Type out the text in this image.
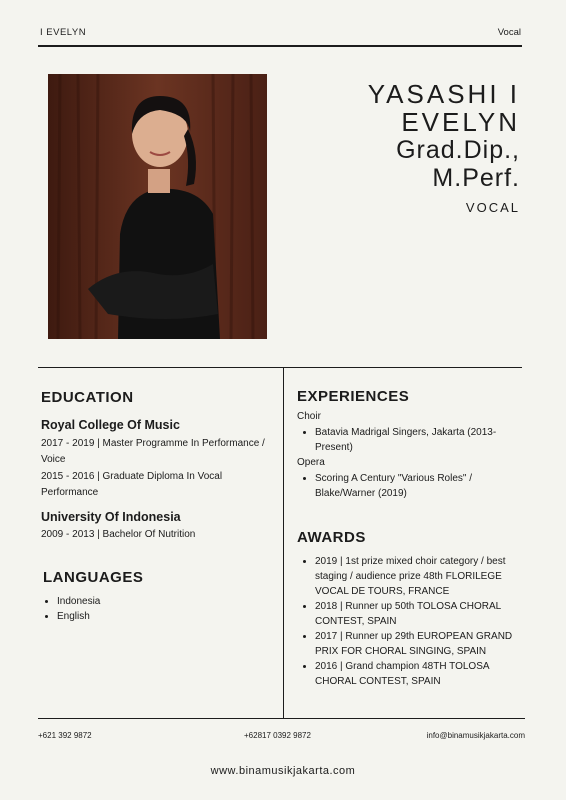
I EVELYN	Vocal
YASASHI I
EVELYN
Grad.Dip.,
M.Perf.
VOCAL
EDUCATION
Royal College Of Music
2017 - 2019 | Master Programme In Performance / Voice
2015 - 2016 | Graduate Diploma In Vocal Performance
University Of Indonesia
2009 - 2013 | Bachelor Of Nutrition
LANGUAGES
• Indonesia
• English
EXPERIENCES
Choir
• Batavia Madrigal Singers, Jakarta (2013-Present)
Opera
• Scoring A Century "Various Roles" / Blake/Warner (2019)
AWARDS
• 2019 | 1st prize mixed choir category / best staging / audience prize 48th FLORILEGE VOCAL DE TOURS, FRANCE
• 2018 | Runner up 50th TOLOSA CHORAL CONTEST, SPAIN
• 2017 | Runner up 29th EUROPEAN GRAND PRIX FOR CHORAL SINGING, SPAIN
• 2016 | Grand champion 48TH TOLOSA CHORAL CONTEST, SPAIN
+621 392 9872	+62817 0392 9872	info@binamusikjakarta.com
www.binamusikjakarta.com
